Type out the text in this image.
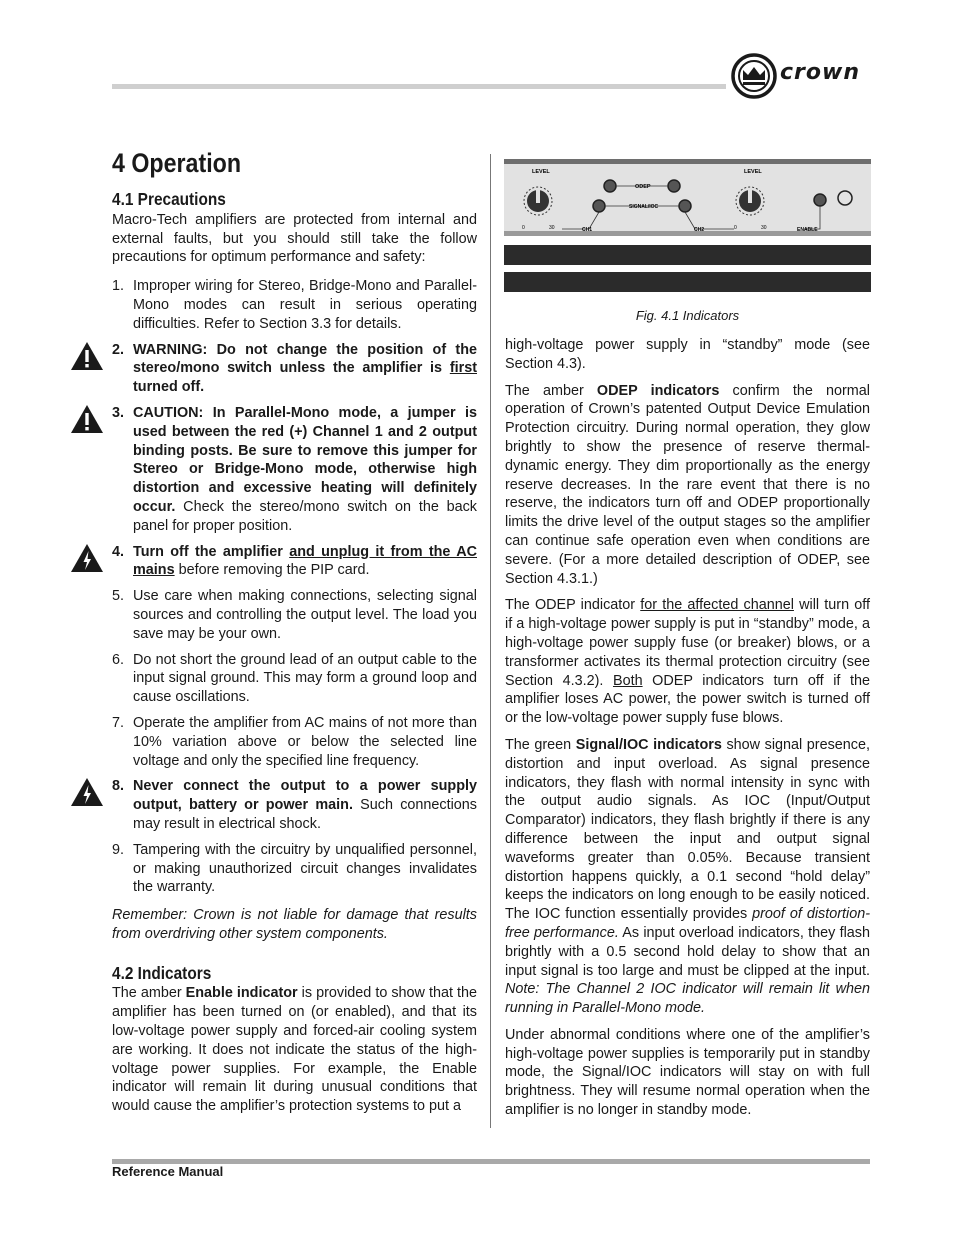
crown
4 Operation
4.1 Precautions

Macro-Tech amplifiers are protected from internal and external faults, but you should still take the follow precautions for optimum performance and safety:

1. Improper wiring for Stereo, Bridge-Mono and Parallel-Mono modes can result in serious operating difficulties. Refer to Section 3.3 for details.
2. WARNING: Do not change the position of the stereo/mono switch unless the amplifier is first turned off.
3. CAUTION: In Parallel-Mono mode, a jumper is used between the red (+) Channel 1 and 2 output binding posts. Be sure to remove this jumper for Stereo or Bridge-Mono mode, otherwise high distortion and excessive heating will definitely occur. Check the stereo/mono switch on the back panel for proper position.
4. Turn off the amplifier and unplug it from the AC mains before removing the PIP card.
5. Use care when making connections, selecting signal sources and controlling the output level. The load you save may be your own.
6. Do not short the ground lead of an output cable to the input signal ground. This may form a ground loop and cause oscillations.
7. Operate the amplifier from AC mains of not more than 10% variation above or below the selected line voltage and only the specified line frequency.
8. Never connect the output to a power supply output, battery or power main. Such connections may result in electrical shock.
9. Tampering with the circuitry by unqualified personnel, or making unauthorized circuit changes invalidates the warranty.

Remember: Crown is not liable for damage that results from overdriving other system components.

4.2 Indicators

The amber Enable indicator is provided to show that the amplifier has been turned on (or enabled), and that its low-voltage power supply and forced-air cooling system are working. It does not indicate the status of the high-voltage power supplies. For example, the Enable indicator will remain lit during unusual conditions that would cause the amplifier’s protection systems to put a

LEVEL
0	30
LEVEL
0	30
ODEP
SIGNAL/IOC
CH1	CH2	ENABLE
Fig. 4.1 Indicators

high-voltage power supply in “standby” mode (see Section 4.3).

The amber ODEP indicators confirm the normal operation of Crown’s patented Output Device Emulation Protection circuitry. During normal operation, they glow brightly to show the presence of reserve thermal-dynamic energy. They dim proportionally as the energy reserve decreases. In the rare event that there is no reserve, the indicators turn off and ODEP proportionally limits the drive level of the output stages so the amplifier can continue safe operation even when conditions are severe. (For a more detailed description of ODEP, see Section 4.3.1.)

The ODEP indicator for the affected channel will turn off if a high-voltage power supply is put in “standby” mode, a high-voltage power supply fuse (or breaker) blows, or a transformer activates its thermal protection circuitry (see Section 4.3.2). Both ODEP indicators turn off if the amplifier loses AC power, the power switch is turned off or the low-voltage power supply fuse blows.

The green Signal/IOC indicators show signal presence, distortion and input overload. As signal presence indicators, they flash with normal intensity in sync with the output audio signals. As IOC (Input/Output Comparator) indicators, they flash brightly if there is any difference between the input and output signal waveforms greater than 0.05%. Because transient distortion happens quickly, a 0.1 second “hold delay” keeps the indicators on long enough to be easily noticed. The IOC function essentially provides proof of distortion-free performance. As input overload indicators, they flash brightly with a 0.5 second hold delay to show that an input signal is too large and must be clipped at the input. Note: The Channel 2 IOC indicator will remain lit when running in Parallel-Mono mode.

Under abnormal conditions where one of the amplifier’s high-voltage power supplies is temporarily put in standby mode, the Signal/IOC indicators will stay on with full brightness. They will resume normal operation when the amplifier is no longer in standby mode.

Reference Manual
